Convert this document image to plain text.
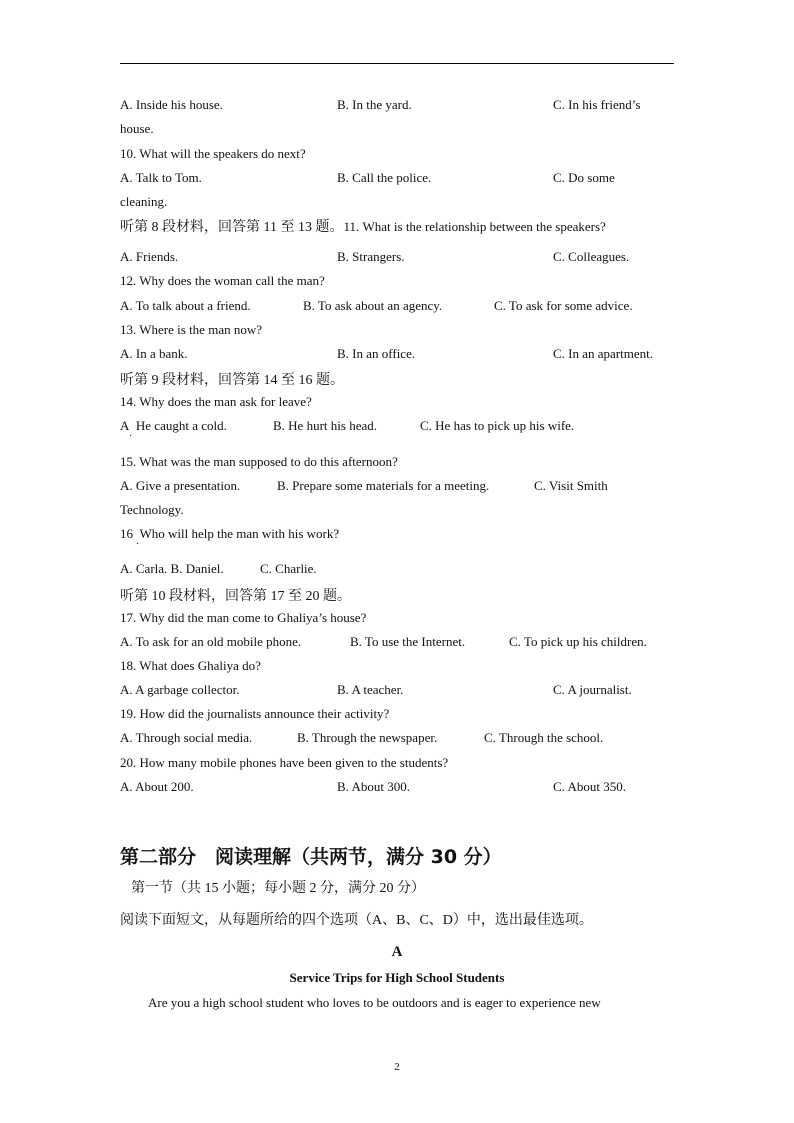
A. Inside his house.	B. In the yard.	C. In his friend’s
house.
10. What will the speakers do next?
A. Talk to Tom.	B. Call the police.	C. Do some
cleaning.
听第 8 段材料，回答第 11 至 13 题。11. What is the relationship between the speakers?
A. Friends.	B. Strangers.	C. Colleagues.
12. Why does the woman call the man?
A. To talk about a friend.	B. To ask about an agency.	C. To ask for some advice.
13. Where is the man now?
A. In a bank.	B. In an office.	C. In an apartment.
听第 9 段材料，回答第 14 至 16 题。
14. Why does the man ask for leave?
A He caught a cold.
·
B. He hurt his head.	C. He has to pick up his wife.
15. What was the man supposed to do this afternoon?
A. Give a presentation.	B. Prepare some materials for a meeting.	C. Visit Smith
Technology.
16 Who will help the man with his work?
·
A. Carla. B. Daniel.	C. Charlie.
听第 10 段材料，回答第 17 至 20 题。
17. Why did the man come to Ghaliya’s house?
A. To ask for an old mobile phone.	B. To use the Internet.	C. To pick up his children.
18. What does Ghaliya do?
A. A garbage collector.	B. A teacher.	C. A journalist.
19. How did the journalists announce their activity?
A. Through social media.	B. Through the newspaper.	C. Through the school.
20. How many mobile phones have been given to the students?
A. About 200.	B. About 300.	C. About 350.
第二部分　阅读理解（共两节，满分 30 分）
第一节（共 15 小题；每小题 2 分，满分 20 分）
阅读下面短文，从每题所给的四个选项（A、B、C、D）中，选出最佳选项。
A
Service Trips for High School Students
Are you a high school student who loves to be outdoors and is eager to experience new
2
